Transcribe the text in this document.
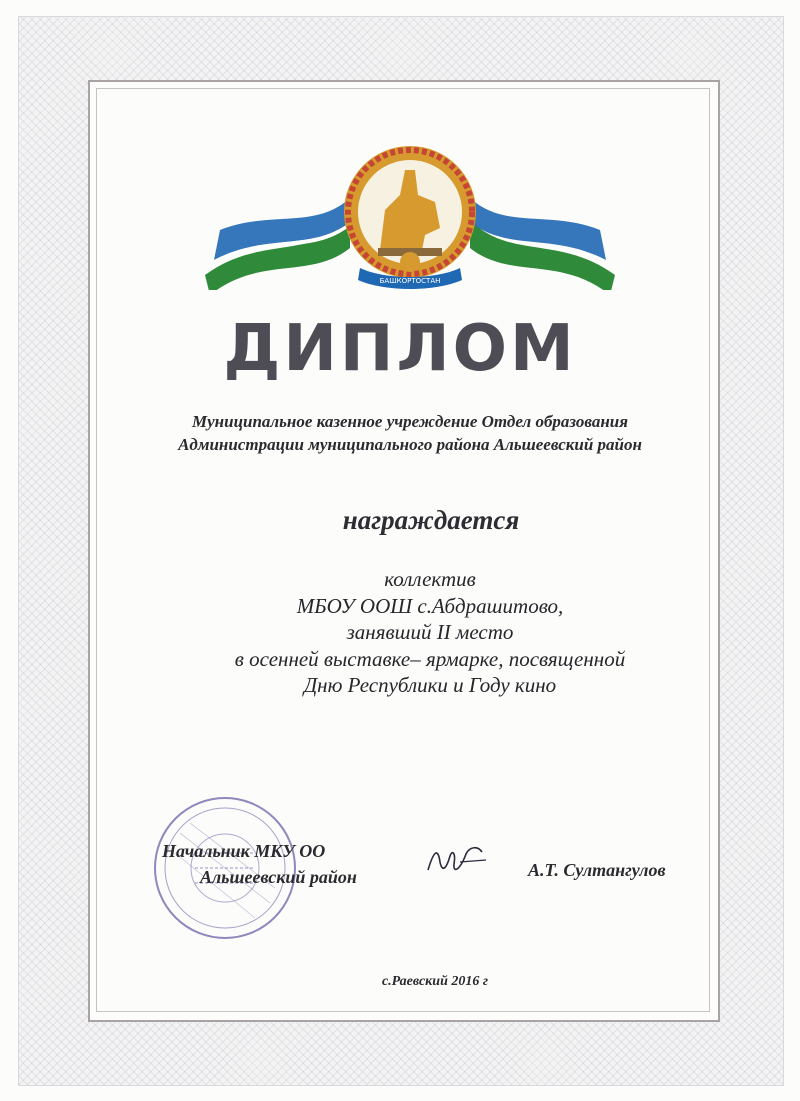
БАШКОРТОСТАН
ДИПЛОМ
Муниципальное казенное учреждение Отдел образования
Администрации муниципального района Альшеевский район
награждается
коллектив
МБОУ ООШ с.Абдрашитово,
занявший II место
в осенней выставке– ярмарке, посвященной
Дню Республики и Году кино
Начальник МКУ ОО
Альшеевский район	А.Т. Султангулов
с.Раевский 2016 г
